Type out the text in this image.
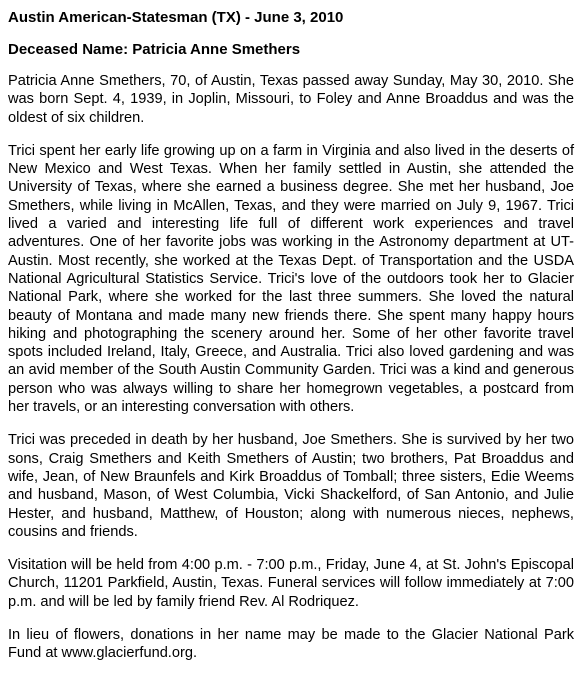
Austin American-Statesman (TX) - June 3, 2010

Deceased Name: Patricia Anne Smethers

Patricia Anne Smethers, 70, of Austin, Texas passed away Sunday, May 30, 2010. She was born Sept. 4, 1939, in Joplin, Missouri, to Foley and Anne Broaddus and was the oldest of six children.

Trici spent her early life growing up on a farm in Virginia and also lived in the deserts of New Mexico and West Texas. When her family settled in Austin, she attended the University of Texas, where she earned a business degree. She met her husband, Joe Smethers, while living in McAllen, Texas, and they were married on July 9, 1967. Trici lived a varied and interesting life full of different work experiences and travel adventures. One of her favorite jobs was working in the Astronomy department at UT-Austin. Most recently, she worked at the Texas Dept. of Transportation and the USDA National Agricultural Statistics Service. Trici's love of the outdoors took her to Glacier National Park, where she worked for the last three summers. She loved the natural beauty of Montana and made many new friends there. She spent many happy hours hiking and photographing the scenery around her. Some of her other favorite travel spots included Ireland, Italy, Greece, and Australia. Trici also loved gardening and was an avid member of the South Austin Community Garden. Trici was a kind and generous person who was always willing to share her homegrown vegetables, a postcard from her travels, or an interesting conversation with others.

Trici was preceded in death by her husband, Joe Smethers. She is survived by her two sons, Craig Smethers and Keith Smethers of Austin; two brothers, Pat Broaddus and wife, Jean, of New Braunfels and Kirk Broaddus of Tomball; three sisters, Edie Weems and husband, Mason, of West Columbia, Vicki Shackelford, of San Antonio, and Julie Hester, and husband, Matthew, of Houston; along with numerous nieces, nephews, cousins and friends.

Visitation will be held from 4:00 p.m. - 7:00 p.m., Friday, June 4, at St. John's Episcopal Church, 11201 Parkfield, Austin, Texas. Funeral services will follow immediately at 7:00 p.m. and will be led by family friend Rev. Al Rodriquez.

In lieu of flowers, donations in her name may be made to the Glacier National Park Fund at www.glacierfund.org.
